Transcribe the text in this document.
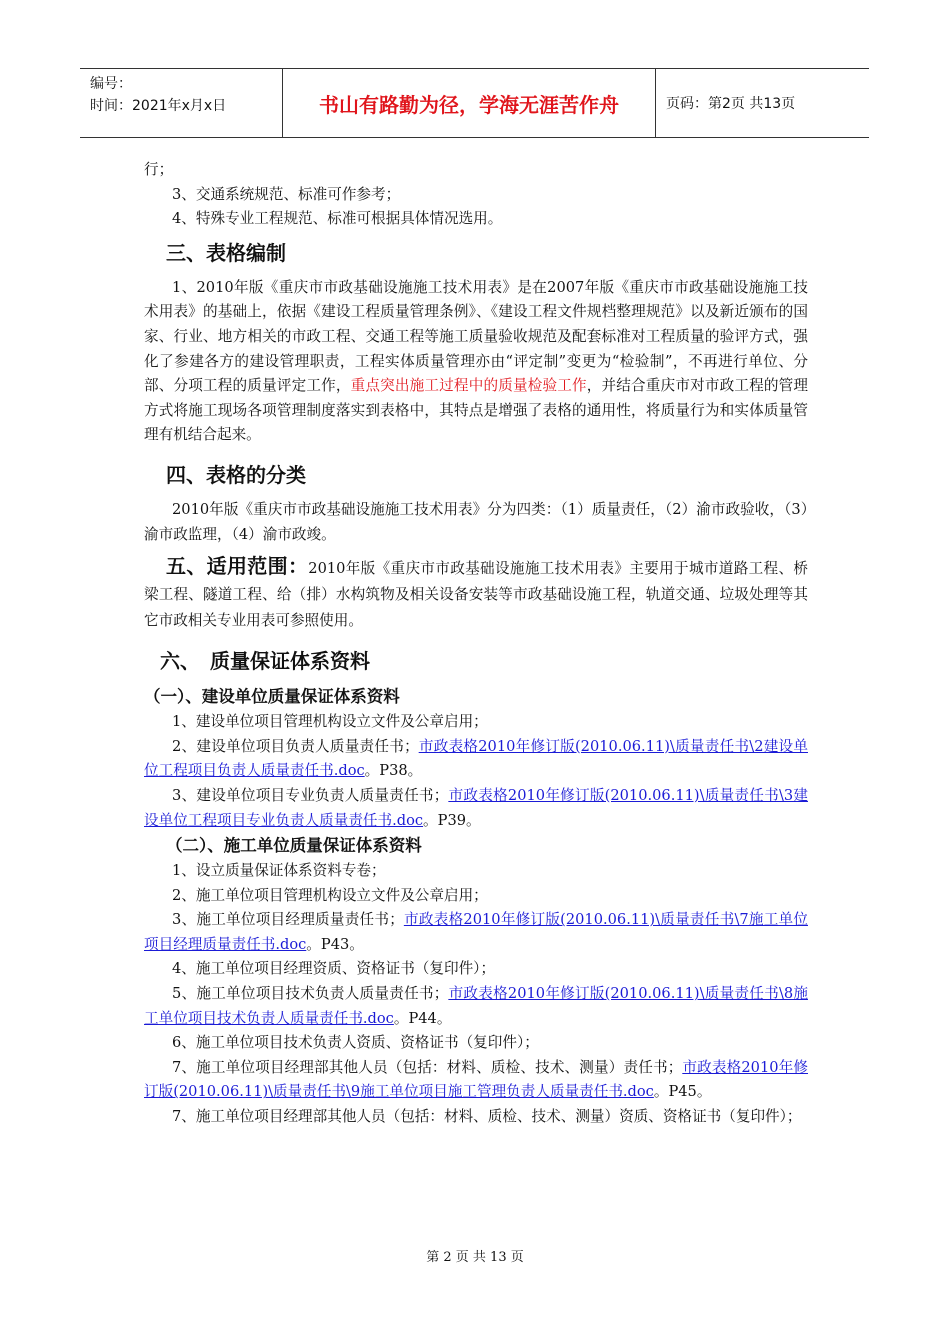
编号：
时间：2021年x月x日	书山有路勤为径，学海无涯苦作舟	页码：第2页 共13页

行；

3、交通系统规范、标准可作参考；

4、特殊专业工程规范、标准可根据具体情况选用。

三、表格编制

1、2010年版《重庆市市政基础设施施工技术用表》是在2007年版《重庆市市政基础设施施工技术用表》的基础上，依据《建设工程质量管理条例》、《建设工程文件规档整理规范》以及新近颁布的国家、行业、地方相关的市政工程、交通工程等施工质量验收规范及配套标准对工程质量的验评方式，强化了参建各方的建设管理职责，工程实体质量管理亦由“评定制”变更为“检验制”，不再进行单位、分部、分项工程的质量评定工作，重点突出施工过程中的质量检验工作，并结合重庆市对市政工程的管理方式将施工现场各项管理制度落实到表格中，其特点是增强了表格的通用性，将质量行为和实体质量管理有机结合起来。

四、表格的分类

2010年版《重庆市市政基础设施施工技术用表》分为四类：（1）质量责任，（2）渝市政验收，（3）渝市政监理，（4）渝市政竣。

五、适用范围：2010年版《重庆市市政基础设施施工技术用表》主要用于城市道路工程、桥梁工程、隧道工程、给（排）水构筑物及相关设备安装等市政基础设施工程，轨道交通、垃圾处理等其它市政相关专业用表可参照使用。

六、　质量保证体系资料
（一）、建设单位质量保证体系资料

1、建设单位项目管理机构设立文件及公章启用；

2、建设单位项目负责人质量责任书；市政表格2010年修订版(2010.06.11)\质量责任书\2建设单位工程项目负责人质量责任书.doc。P38。

3、建设单位项目专业负责人质量责任书；市政表格2010年修订版(2010.06.11)\质量责任书\3建设单位工程项目专业负责人质量责任书.doc。P39。

（二）、施工单位质量保证体系资料

1、设立质量保证体系资料专卷；

2、施工单位项目管理机构设立文件及公章启用；

3、施工单位项目经理质量责任书；市政表格2010年修订版(2010.06.11)\质量责任书\7施工单位项目经理质量责任书.doc。P43。

4、施工单位项目经理资质、资格证书（复印件）；

5、施工单位项目技术负责人质量责任书；市政表格2010年修订版(2010.06.11)\质量责任书\8施工单位项目技术负责人质量责任书.doc。P44。

6、施工单位项目技术负责人资质、资格证书（复印件）；

7、施工单位项目经理部其他人员（包括：材料、质检、技术、测量）责任书；市政表格2010年修订版(2010.06.11)\质量责任书\9施工单位项目施工管理负责人质量责任书.doc。P45。

7、施工单位项目经理部其他人员（包括：材料、质检、技术、测量）资质、资格证书（复印件）；

第 2 页 共 13 页
